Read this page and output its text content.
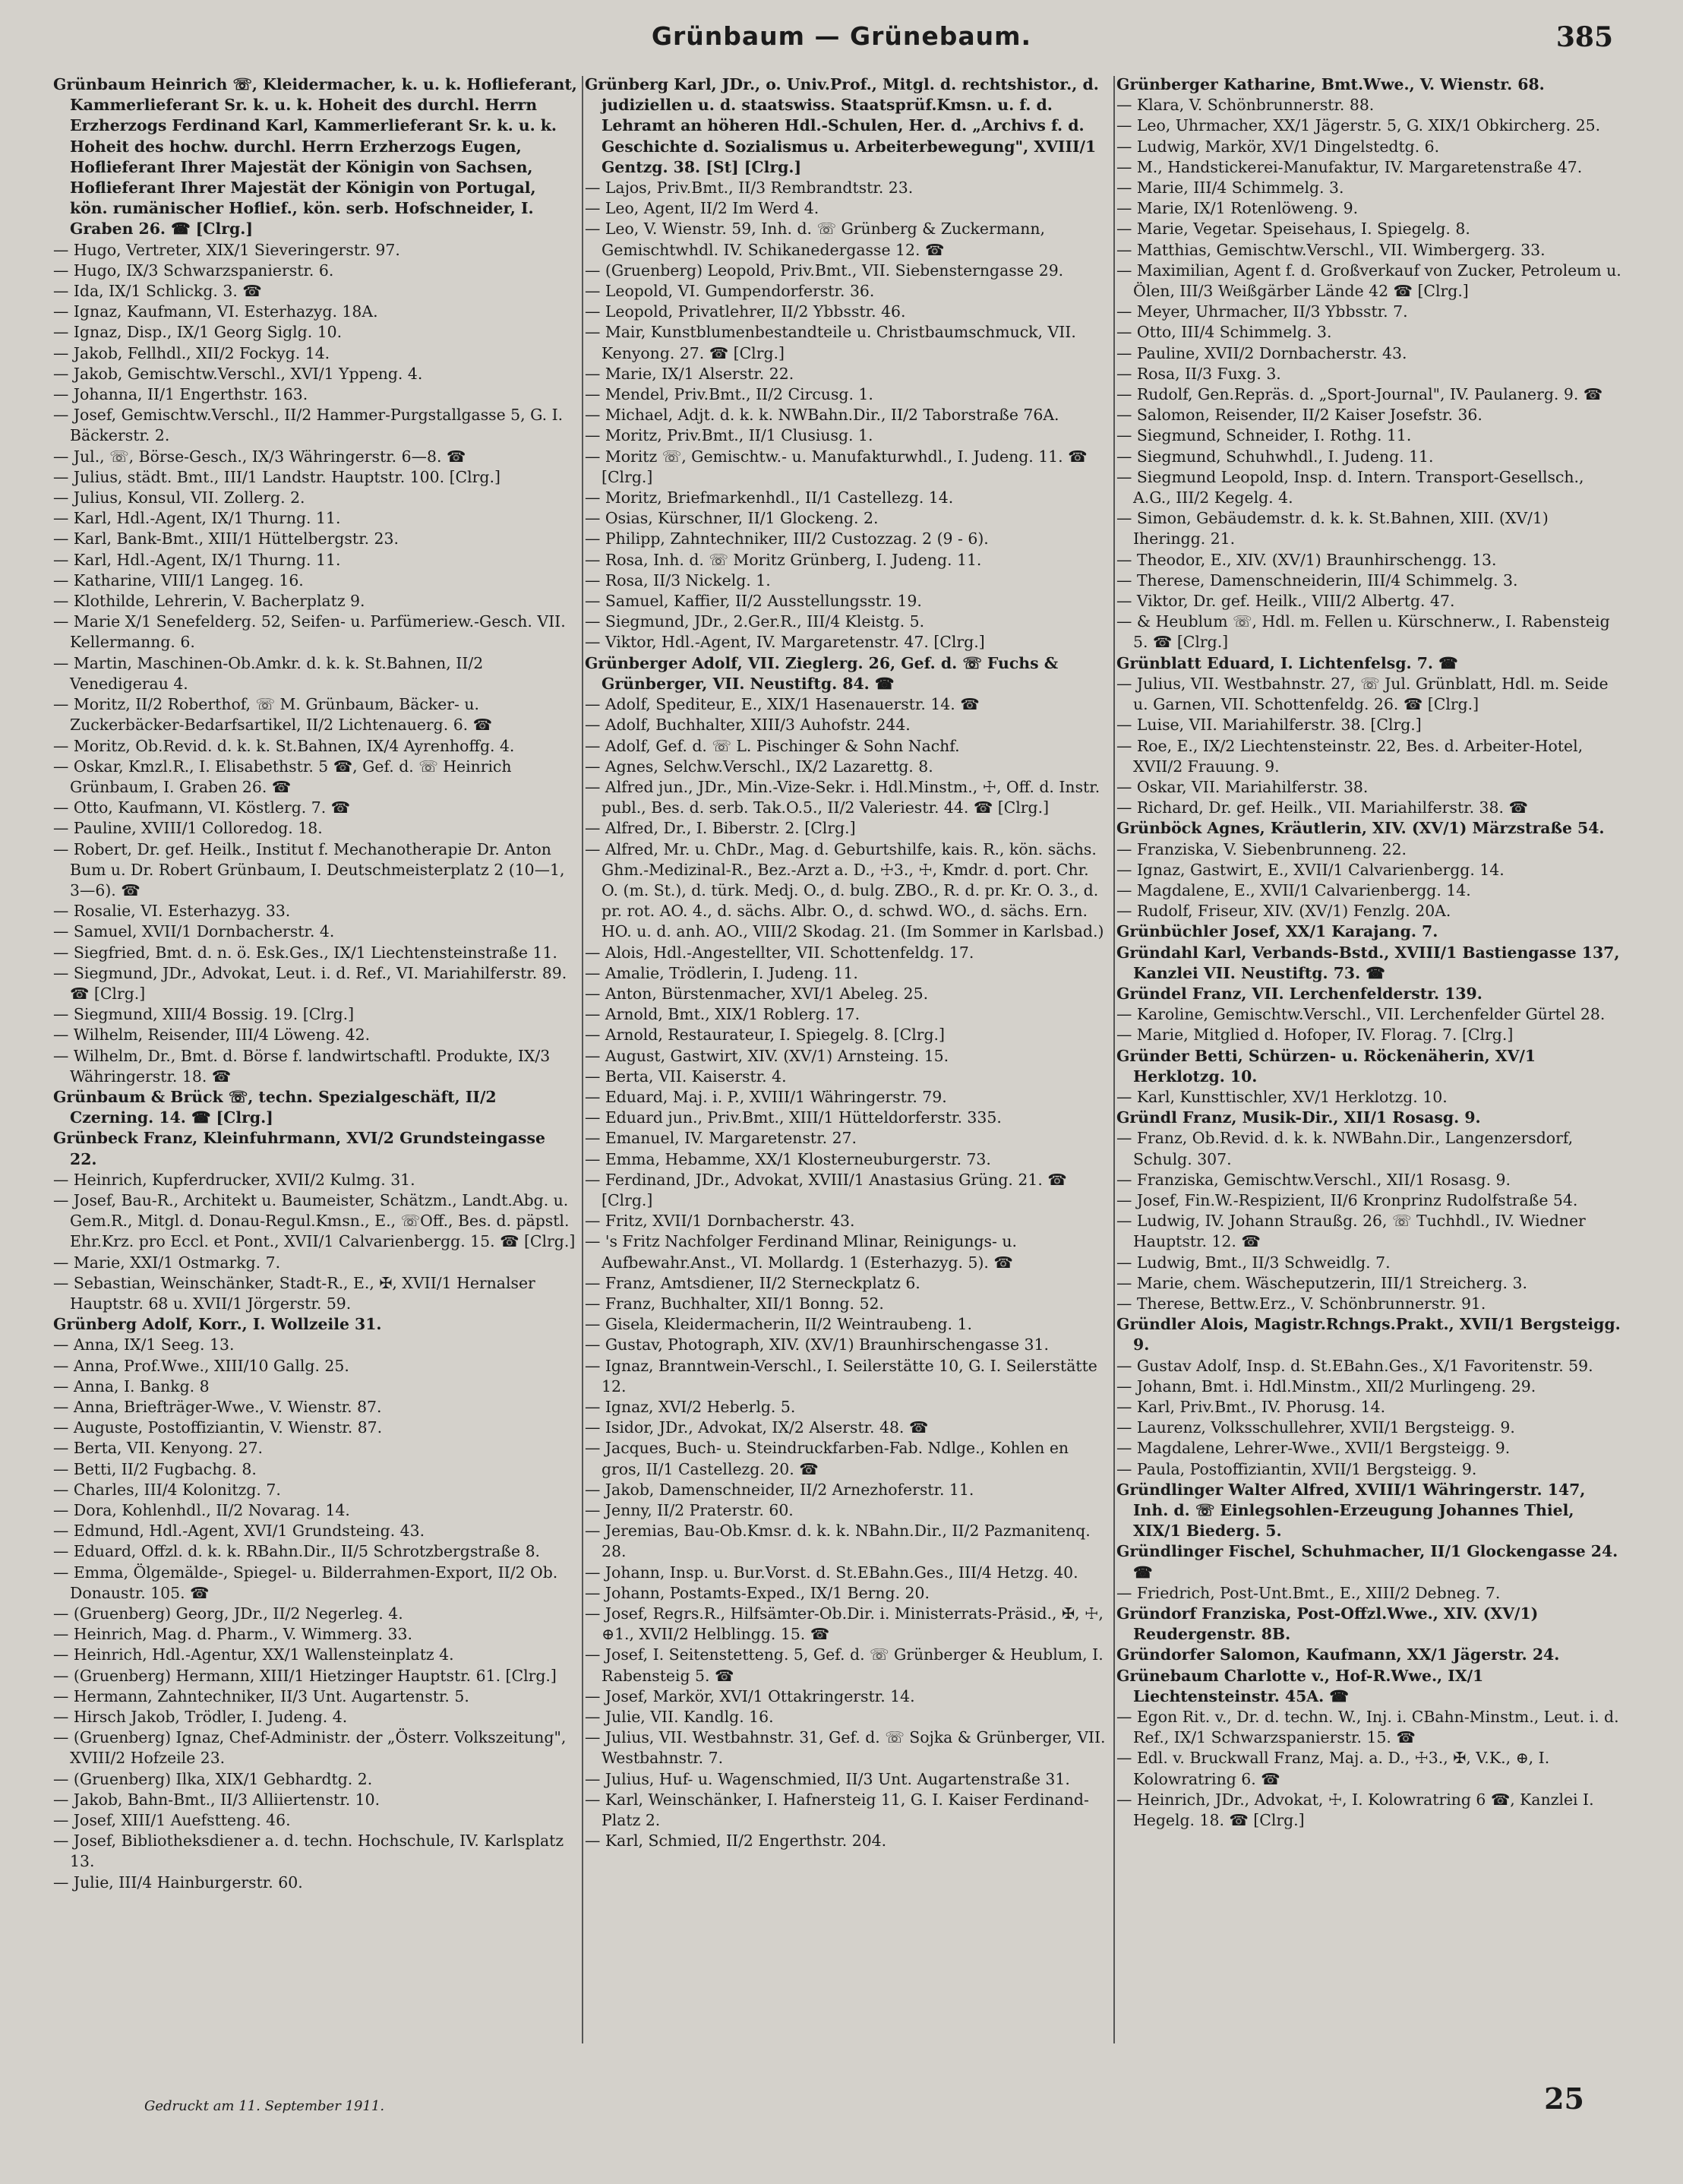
Grünbaum — Grünebaum.	385

Grünbaum Heinrich ☏, Kleidermacher, k. u. k. Hoflieferant, Kammerlieferant Sr. k. u. k. Hoheit des durchl. Herrn Erzherzogs Ferdinand Karl, Kammerlieferant Sr. k. u. k. Hoheit des hochw. durchl. Herrn Erzherzogs Eugen, Hoflieferant Ihrer Majestät der Königin von Sachsen, Hoflieferant Ihrer Majestät der Königin von Portugal, kön. rumänischer Hoflief., kön. serb. Hofschneider, I. Graben 26. ☎ [Clrg.]

— Hugo, Vertreter, XIX/1 Sieveringerstr. 97.

— Hugo, IX/3 Schwarzspanierstr. 6.

— Ida, IX/1 Schlickg. 3. ☎

— Ignaz, Kaufmann, VI. Esterhazyg. 18A.

— Ignaz, Disp., IX/1 Georg Siglg. 10.

— Jakob, Fellhdl., XII/2 Fockyg. 14.

— Jakob, Gemischtw.Verschl., XVI/1 Yppeng. 4.

— Johanna, II/1 Engerthstr. 163.

— Josef, Gemischtw.Verschl., II/2 Hammer-Purgstallgasse 5, G. I. Bäckerstr. 2.

— Jul., ☏, Börse-Gesch., IX/3 Währingerstr. 6—8. ☎

— Julius, städt. Bmt., III/1 Landstr. Hauptstr. 100. [Clrg.]

— Julius, Konsul, VII. Zollerg. 2.

— Karl, Hdl.-Agent, IX/1 Thurng. 11.

— Karl, Bank-Bmt., XIII/1 Hüttelbergstr. 23.

— Karl, Hdl.-Agent, IX/1 Thurng. 11.

— Katharine, VIII/1 Langeg. 16.

— Klothilde, Lehrerin, V. Bacherplatz 9.

— Marie X/1 Senefelderg. 52, Seifen- u. Parfümeriew.-Gesch. VII. Kellermanng. 6.

— Martin, Maschinen-Ob.Amkr. d. k. k. St.Bahnen, II/2 Venedigerau 4.

— Moritz, II/2 Roberthof, ☏ M. Grünbaum, Bäcker- u. Zuckerbäcker-Bedarfsartikel, II/2 Lichtenauerg. 6. ☎

— Moritz, Ob.Revid. d. k. k. St.Bahnen, IX/4 Ayrenhoffg. 4.

— Oskar, Kmzl.R., I. Elisabethstr. 5 ☎, Gef. d. ☏ Heinrich Grünbaum, I. Graben 26. ☎

— Otto, Kaufmann, VI. Köstlerg. 7. ☎

— Pauline, XVIII/1 Colloredog. 18.

— Robert, Dr. gef. Heilk., Institut f. Mechanotherapie Dr. Anton Bum u. Dr. Robert Grünbaum, I. Deutschmeisterplatz 2 (10—1, 3—6). ☎

— Rosalie, VI. Esterhazyg. 33.

— Samuel, XVII/1 Dornbacherstr. 4.

— Siegfried, Bmt. d. n. ö. Esk.Ges., IX/1 Liechtensteinstraße 11.

— Siegmund, JDr., Advokat, Leut. i. d. Ref., VI. Mariahilferstr. 89. ☎ [Clrg.]

— Siegmund, XIII/4 Bossig. 19. [Clrg.]

— Wilhelm, Reisender, III/4 Löweng. 42.

— Wilhelm, Dr., Bmt. d. Börse f. landwirtschaftl. Produkte, IX/3 Währingerstr. 18. ☎

Grünbaum & Brück ☏, techn. Spezialgeschäft, II/2 Czerning. 14. ☎ [Clrg.]

Grünbeck Franz, Kleinfuhrmann, XVI/2 Grundsteingasse 22.

— Heinrich, Kupferdrucker, XVII/2 Kulmg. 31.

— Josef, Bau-R., Architekt u. Baumeister, Schätzm., Landt.Abg. u. Gem.R., Mitgl. d. Donau-Regul.Kmsn., E., ☏Off., Bes. d. päpstl. Ehr.Krz. pro Eccl. et Pont., XVII/1 Calvarienbergg. 15. ☎ [Clrg.]

— Marie, XXI/1 Ostmarkg. 7.

— Sebastian, Weinschänker, Stadt-R., E., ✠, XVII/1 Hernalser Hauptstr. 68 u. XVII/1 Jörgerstr. 59.

Grünberg Adolf, Korr., I. Wollzeile 31.

— Anna, IX/1 Seeg. 13.

— Anna, Prof.Wwe., XIII/10 Gallg. 25.

— Anna, I. Bankg. 8

— Anna, Briefträger-Wwe., V. Wienstr. 87.

— Auguste, Postoffiziantin, V. Wienstr. 87.

— Berta, VII. Kenyong. 27.

— Betti, II/2 Fugbachg. 8.

— Charles, III/4 Kolonitzg. 7.

— Dora, Kohlenhdl., II/2 Novarag. 14.

— Edmund, Hdl.-Agent, XVI/1 Grundsteing. 43.

— Eduard, Offzl. d. k. k. RBahn.Dir., II/5 Schrotzbergstraße 8.

— Emma, Ölgemälde-, Spiegel- u. Bilderrahmen-Export, II/2 Ob. Donaustr. 105. ☎

— (Gruenberg) Georg, JDr., II/2 Negerleg. 4.

— Heinrich, Mag. d. Pharm., V. Wimmerg. 33.

— Heinrich, Hdl.-Agentur, XX/1 Wallensteinplatz 4.

— (Gruenberg) Hermann, XIII/1 Hietzinger Hauptstr. 61. [Clrg.]

— Hermann, Zahntechniker, II/3 Unt. Augartenstr. 5.

— Hirsch Jakob, Trödler, I. Judeng. 4.

— (Gruenberg) Ignaz, Chef-Administr. der „Österr. Volkszeitung", XVIII/2 Hofzeile 23.

— (Gruenberg) Ilka, XIX/1 Gebhardtg. 2.

— Jakob, Bahn-Bmt., II/3 Alliiertenstr. 10.

— Josef, XIII/1 Auefstteng. 46.

— Josef, Bibliotheksdiener a. d. techn. Hochschule, IV. Karlsplatz 13.

— Julie, III/4 Hainburgerstr. 60.

Grünberg Karl, JDr., o. Univ.Prof., Mitgl. d. rechtshistor., d. judiziellen u. d. staatswiss. Staatsprüf.Kmsn. u. f. d. Lehramt an höheren Hdl.-Schulen, Her. d. „Archivs f. d. Geschichte d. Sozialismus u. Arbeiterbewegung", XVIII/1 Gentzg. 38. [St] [Clrg.]

— Lajos, Priv.Bmt., II/3 Rembrandtstr. 23.

— Leo, Agent, II/2 Im Werd 4.

— Leo, V. Wienstr. 59, Inh. d. ☏ Grünberg & Zuckermann, Gemischtwhdl. IV. Schikanedergasse 12. ☎

— (Gruenberg) Leopold, Priv.Bmt., VII. Siebensterngasse 29.

— Leopold, VI. Gumpendorferstr. 36.

— Leopold, Privatlehrer, II/2 Ybbsstr. 46.

— Mair, Kunstblumenbestandteile u. Christbaumschmuck, VII. Kenyong. 27. ☎ [Clrg.]

— Marie, IX/1 Alserstr. 22.

— Mendel, Priv.Bmt., II/2 Circusg. 1.

— Michael, Adjt. d. k. k. NWBahn.Dir., II/2 Taborstraße 76A.

— Moritz, Priv.Bmt., II/1 Clusiusg. 1.

— Moritz ☏, Gemischtw.- u. Manufakturwhdl., I. Judeng. 11. ☎ [Clrg.]

— Moritz, Briefmarkenhdl., II/1 Castellezg. 14.

— Osias, Kürschner, II/1 Glockeng. 2.

— Philipp, Zahntechniker, III/2 Custozzag. 2 (9 - 6).

— Rosa, Inh. d. ☏ Moritz Grünberg, I. Judeng. 11.

— Rosa, II/3 Nickelg. 1.

— Samuel, Kaffier, II/2 Ausstellungsstr. 19.

— Siegmund, JDr., 2.Ger.R., III/4 Kleistg. 5.

— Viktor, Hdl.-Agent, IV. Margaretenstr. 47. [Clrg.]

Grünberger Adolf, VII. Zieglerg. 26, Gef. d. ☏ Fuchs & Grünberger, VII. Neustiftg. 84. ☎

— Adolf, Spediteur, E., XIX/1 Hasenauerstr. 14. ☎

— Adolf, Buchhalter, XIII/3 Auhofstr. 244.

— Adolf, Gef. d. ☏ L. Pischinger & Sohn Nachf.

— Agnes, Selchw.Verschl., IX/2 Lazarettg. 8.

— Alfred jun., JDr., Min.-Vize-Sekr. i. Hdl.Minstm., ☩, Off. d. Instr. publ., Bes. d. serb. Tak.O.5., II/2 Valeriestr. 44. ☎ [Clrg.]

— Alfred, Dr., I. Biberstr. 2. [Clrg.]

— Alfred, Mr. u. ChDr., Mag. d. Geburtshilfe, kais. R., kön. sächs. Ghm.-Medizinal-R., Bez.-Arzt a. D., ☩3., ☩, Kmdr. d. port. Chr. O. (m. St.), d. türk. Medj. O., d. bulg. ZBO., R. d. pr. Kr. O. 3., d. pr. rot. AO. 4., d. sächs. Albr. O., d. schwd. WO., d. sächs. Ern. HO. u. d. anh. AO., VIII/2 Skodag. 21. (Im Sommer in Karlsbad.)

— Alois, Hdl.-Angestellter, VII. Schottenfeldg. 17.

— Amalie, Trödlerin, I. Judeng. 11.

— Anton, Bürstenmacher, XVI/1 Abeleg. 25.

— Arnold, Bmt., XIX/1 Roblerg. 17.

— Arnold, Restaurateur, I. Spiegelg. 8. [Clrg.]

— August, Gastwirt, XIV. (XV/1) Arnsteing. 15.

— Berta, VII. Kaiserstr. 4.

— Eduard, Maj. i. P., XVIII/1 Währingerstr. 79.

— Eduard jun., Priv.Bmt., XIII/1 Hütteldorferstr. 335.

— Emanuel, IV. Margaretenstr. 27.

— Emma, Hebamme, XX/1 Klosterneuburgerstr. 73.

— Ferdinand, JDr., Advokat, XVIII/1 Anastasius Grüng. 21. ☎ [Clrg.]

— Fritz, XVII/1 Dornbacherstr. 43.

— 's Fritz Nachfolger Ferdinand Mlinar, Reinigungs- u. Aufbewahr.Anst., VI. Mollardg. 1 (Esterhazyg. 5). ☎

— Franz, Amtsdiener, II/2 Sterneckplatz 6.

— Franz, Buchhalter, XII/1 Bonng. 52.

— Gisela, Kleidermacherin, II/2 Weintraubeng. 1.

— Gustav, Photograph, XIV. (XV/1) Braunhirschengasse 31.

— Ignaz, Branntwein-Verschl., I. Seilerstätte 10, G. I. Seilerstätte 12.

— Ignaz, XVI/2 Heberlg. 5.

— Isidor, JDr., Advokat, IX/2 Alserstr. 48. ☎

— Jacques, Buch- u. Steindruckfarben-Fab. Ndlge., Kohlen en gros, II/1 Castellezg. 20. ☎

— Jakob, Damenschneider, II/2 Arnezhoferstr. 11.

— Jenny, II/2 Praterstr. 60.

— Jeremias, Bau-Ob.Kmsr. d. k. k. NBahn.Dir., II/2 Pazmanitenq. 28.

— Johann, Insp. u. Bur.Vorst. d. St.EBahn.Ges., III/4 Hetzg. 40.

— Johann, Postamts-Exped., IX/1 Berng. 20.

— Josef, Regrs.R., Hilfsämter-Ob.Dir. i. Ministerrats-Präsid., ✠, ☩, ⊕1., XVII/2 Helblingg. 15. ☎

— Josef, I. Seitenstetteng. 5, Gef. d. ☏ Grünberger & Heublum, I. Rabensteig 5. ☎

— Josef, Markör, XVI/1 Ottakringerstr. 14.

— Julie, VII. Kandlg. 16.

— Julius, VII. Westbahnstr. 31, Gef. d. ☏ Sojka & Grünberger, VII. Westbahnstr. 7.

— Julius, Huf- u. Wagenschmied, II/3 Unt. Augartenstraße 31.

— Karl, Weinschänker, I. Hafnersteig 11, G. I. Kaiser Ferdinand-Platz 2.

— Karl, Schmied, II/2 Engerthstr. 204.

Grünberger Katharine, Bmt.Wwe., V. Wienstr. 68.

— Klara, V. Schönbrunnerstr. 88.

— Leo, Uhrmacher, XX/1 Jägerstr. 5, G. XIX/1 Obkircherg. 25.

— Ludwig, Markör, XV/1 Dingelstedtg. 6.

— M., Handstickerei-Manufaktur, IV. Margaretenstraße 47.

— Marie, III/4 Schimmelg. 3.

— Marie, IX/1 Rotenlöweng. 9.

— Marie, Vegetar. Speisehaus, I. Spiegelg. 8.

— Matthias, Gemischtw.Verschl., VII. Wimbergerg. 33.

— Maximilian, Agent f. d. Großverkauf von Zucker, Petroleum u. Ölen, III/3 Weißgärber Lände 42 ☎ [Clrg.]

— Meyer, Uhrmacher, II/3 Ybbsstr. 7.

— Otto, III/4 Schimmelg. 3.

— Pauline, XVII/2 Dornbacherstr. 43.

— Rosa, II/3 Fuxg. 3.

— Rudolf, Gen.Repräs. d. „Sport-Journal", IV. Paulanerg. 9. ☎

— Salomon, Reisender, II/2 Kaiser Josefstr. 36.

— Siegmund, Schneider, I. Rothg. 11.

— Siegmund, Schuhwhdl., I. Judeng. 11.

— Siegmund Leopold, Insp. d. Intern. Transport-Gesellsch., A.G., III/2 Kegelg. 4.

— Simon, Gebäudemstr. d. k. k. St.Bahnen, XIII. (XV/1) Iheringg. 21.

— Theodor, E., XIV. (XV/1) Braunhirschengg. 13.

— Therese, Damenschneiderin, III/4 Schimmelg. 3.

— Viktor, Dr. gef. Heilk., VIII/2 Albertg. 47.

— & Heublum ☏, Hdl. m. Fellen u. Kürschnerw., I. Rabensteig 5. ☎ [Clrg.]

Grünblatt Eduard, I. Lichtenfelsg. 7. ☎

— Julius, VII. Westbahnstr. 27, ☏ Jul. Grünblatt, Hdl. m. Seide u. Garnen, VII. Schottenfeldg. 26. ☎ [Clrg.]

— Luise, VII. Mariahilferstr. 38. [Clrg.]

— Roe, E., IX/2 Liechtensteinstr. 22, Bes. d. Arbeiter-Hotel, XVII/2 Frauung. 9.

— Oskar, VII. Mariahilferstr. 38.

— Richard, Dr. gef. Heilk., VII. Mariahilferstr. 38. ☎

Grünböck Agnes, Kräutlerin, XIV. (XV/1) Märzstraße 54.

— Franziska, V. Siebenbrunneng. 22.

— Ignaz, Gastwirt, E., XVII/1 Calvarienbergg. 14.

— Magdalene, E., XVII/1 Calvarienbergg. 14.

— Rudolf, Friseur, XIV. (XV/1) Fenzlg. 20A.

Grünbüchler Josef, XX/1 Karajang. 7.

Gründahl Karl, Verbands-Bstd., XVIII/1 Bastiengasse 137, Kanzlei VII. Neustiftg. 73. ☎

Gründel Franz, VII. Lerchenfelderstr. 139.

— Karoline, Gemischtw.Verschl., VII. Lerchenfelder Gürtel 28.

— Marie, Mitglied d. Hofoper, IV. Florag. 7. [Clrg.]

Gründer Betti, Schürzen- u. Röckenäherin, XV/1 Herklotzg. 10.

— Karl, Kunsttischler, XV/1 Herklotzg. 10.

Gründl Franz, Musik-Dir., XII/1 Rosasg. 9.

— Franz, Ob.Revid. d. k. k. NWBahn.Dir., Langenzersdorf, Schulg. 307.

— Franziska, Gemischtw.Verschl., XII/1 Rosasg. 9.

— Josef, Fin.W.-Respizient, II/6 Kronprinz Rudolfstraße 54.

— Ludwig, IV. Johann Straußg. 26, ☏ Tuchhdl., IV. Wiedner Hauptstr. 12. ☎

— Ludwig, Bmt., II/3 Schweidlg. 7.

— Marie, chem. Wäscheputzerin, III/1 Streicherg. 3.

— Therese, Bettw.Erz., V. Schönbrunnerstr. 91.

Gründler Alois, Magistr.Rchngs.Prakt., XVII/1 Bergsteigg. 9.

— Gustav Adolf, Insp. d. St.EBahn.Ges., X/1 Favoritenstr. 59.

— Johann, Bmt. i. Hdl.Minstm., XII/2 Murlingeng. 29.

— Karl, Priv.Bmt., IV. Phorusg. 14.

— Laurenz, Volksschullehrer, XVII/1 Bergsteigg. 9.

— Magdalene, Lehrer-Wwe., XVII/1 Bergsteigg. 9.

— Paula, Postoffiziantin, XVII/1 Bergsteigg. 9.

Gründlinger Walter Alfred, XVIII/1 Währingerstr. 147, Inh. d. ☏ Einlegsohlen-Erzeugung Johannes Thiel, XIX/1 Biederg. 5.

Gründlinger Fischel, Schuhmacher, II/1 Glockengasse 24. ☎

— Friedrich, Post-Unt.Bmt., E., XIII/2 Debneg. 7.

Gründorf Franziska, Post-Offzl.Wwe., XIV. (XV/1) Reudergenstr. 8B.

Gründorfer Salomon, Kaufmann, XX/1 Jägerstr. 24.

Grünebaum Charlotte v., Hof-R.Wwe., IX/1 Liechtensteinstr. 45A. ☎

— Egon Rit. v., Dr. d. techn. W., Inj. i. CBahn-Minstm., Leut. i. d. Ref., IX/1 Schwarzspanierstr. 15. ☎

— Edl. v. Bruckwall Franz, Maj. a. D., ☩3., ✠, V.K., ⊕, I. Kolowratring 6. ☎

— Heinrich, JDr., Advokat, ☩, I. Kolowratring 6 ☎, Kanzlei I. Hegelg. 18. ☎ [Clrg.]

Gedruckt am 11. September 1911.	25
